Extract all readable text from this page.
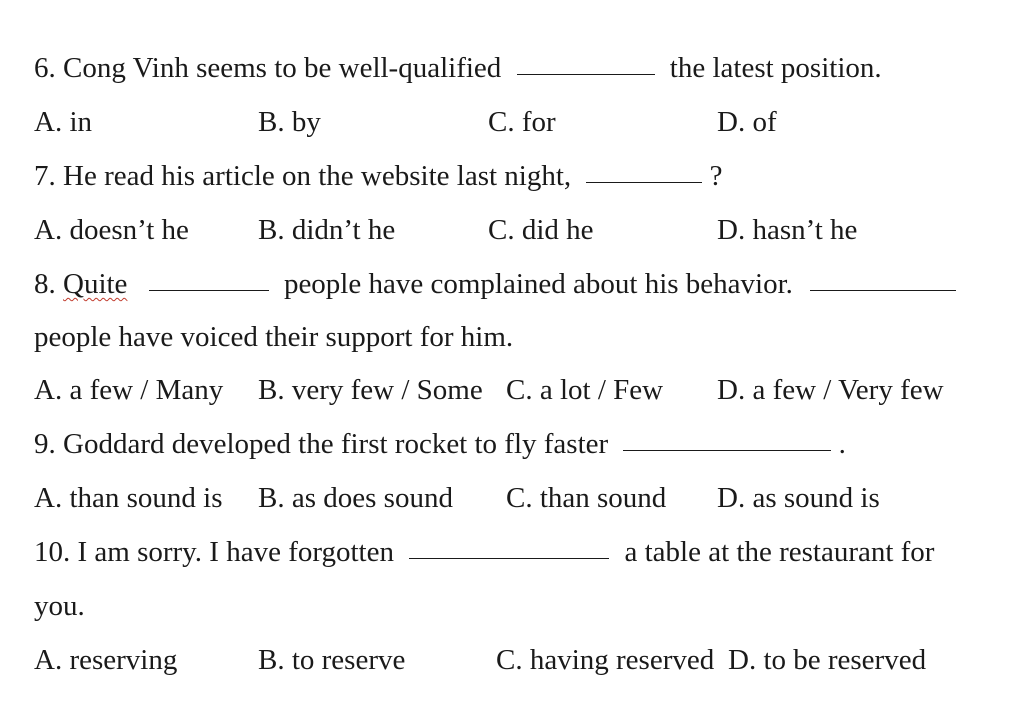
6. Cong Vinh seems to be well-qualified	the latest position.
A. in	B. by	C. for	D. of
7. He read his article on the website last night,	?
A. doesn’t he B. didn’t he	C. did he	D. hasn’t he
8. Quite	people have complained about his behavior.
people have voiced their support for him.
A. a few / Many B. very few / Some C. a lot / Few D. a few / Very few
9. Goddard developed the first rocket to fly faster	.
A. than sound is B. as does sound C. than sound D. as sound is
10. I am sorry. I have forgotten	a table at the restaurant for
you.
A. reserving	B. to reserve	C. having reserved D. to be reserved
